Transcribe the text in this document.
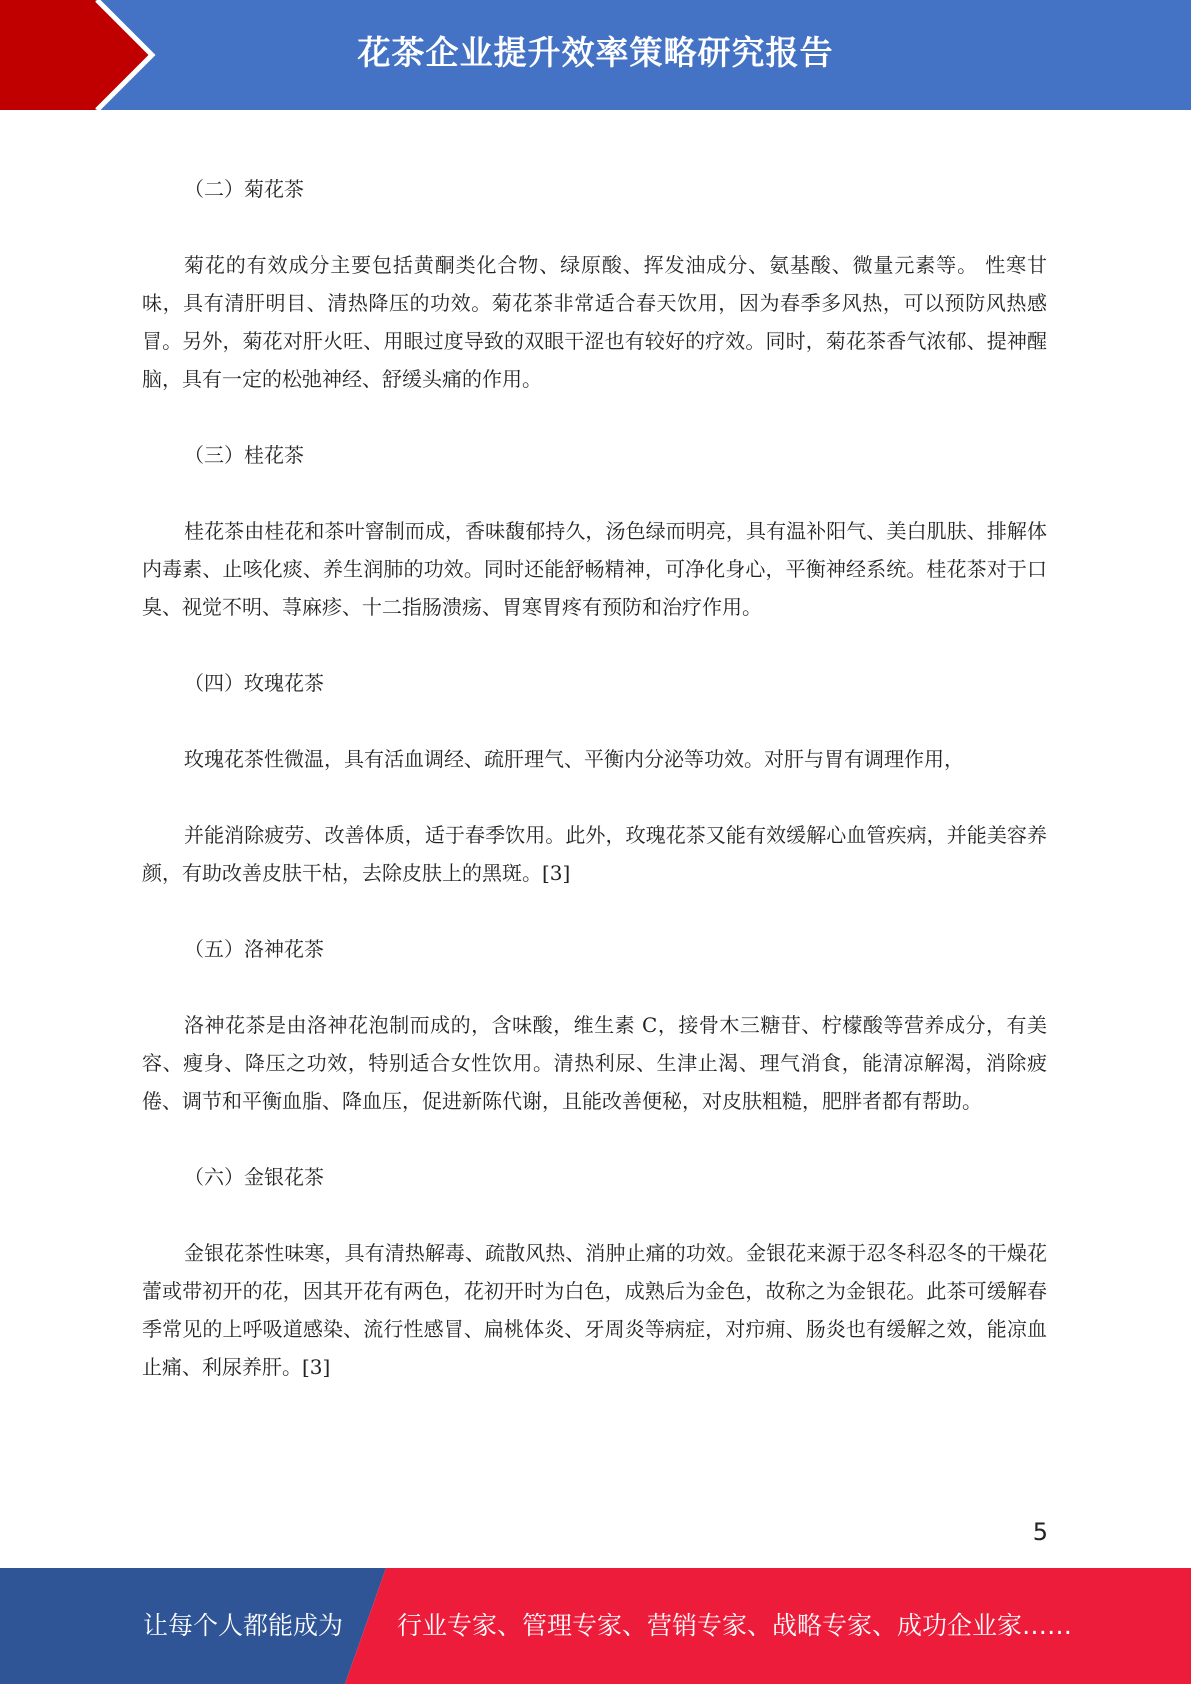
花茶企业提升效率策略研究报告

（二）菊花茶

菊花的有效成分主要包括黄酮类化合物、绿原酸、挥发油成分、氨基酸、微量元素等。 性寒甘味，具有清肝明目、清热降压的功效。菊花茶非常适合春天饮用，因为春季多风热，可以预防风热感冒。另外，菊花对肝火旺、用眼过度导致的双眼干涩也有较好的疗效。同时，菊花茶香气浓郁、提神醒脑，具有一定的松弛神经、舒缓头痛的作用。

（三）桂花茶

桂花茶由桂花和茶叶窨制而成，香味馥郁持久，汤色绿而明亮，具有温补阳气、美白肌肤、排解体内毒素、止咳化痰、养生润肺的功效。同时还能舒畅精神，可净化身心，平衡神经系统。桂花茶对于口臭、视觉不明、荨麻疹、十二指肠溃疡、胃寒胃疼有预防和治疗作用。

（四）玫瑰花茶

玫瑰花茶性微温，具有活血调经、疏肝理气、平衡内分泌等功效。对肝与胃有调理作用，

并能消除疲劳、改善体质，适于春季饮用。此外，玫瑰花茶又能有效缓解心血管疾病，并能美容养颜，有助改善皮肤干枯，去除皮肤上的黑斑。[3]

（五）洛神花茶

洛神花茶是由洛神花泡制而成的，含味酸，维生素 C，接骨木三糖苷、柠檬酸等营养成分，有美容、瘦身、降压之功效，特别适合女性饮用。清热利尿、生津止渴、理气消食，能清凉解渴，消除疲倦、调节和平衡血脂、降血压，促进新陈代谢，且能改善便秘，对皮肤粗糙，肥胖者都有帮助。

（六）金银花茶

金银花茶性味寒，具有清热解毒、疏散风热、消肿止痛的功效。金银花来源于忍冬科忍冬的干燥花蕾或带初开的花，因其开花有两色，花初开时为白色，成熟后为金色，故称之为金银花。此茶可缓解春季常见的上呼吸道感染、流行性感冒、扁桃体炎、牙周炎等病症，对疖痈、肠炎也有缓解之效，能凉血止痛、利尿养肝。[3]

5
让每个人都能成为 行业专家、管理专家、营销专家、战略专家、成功企业家……
